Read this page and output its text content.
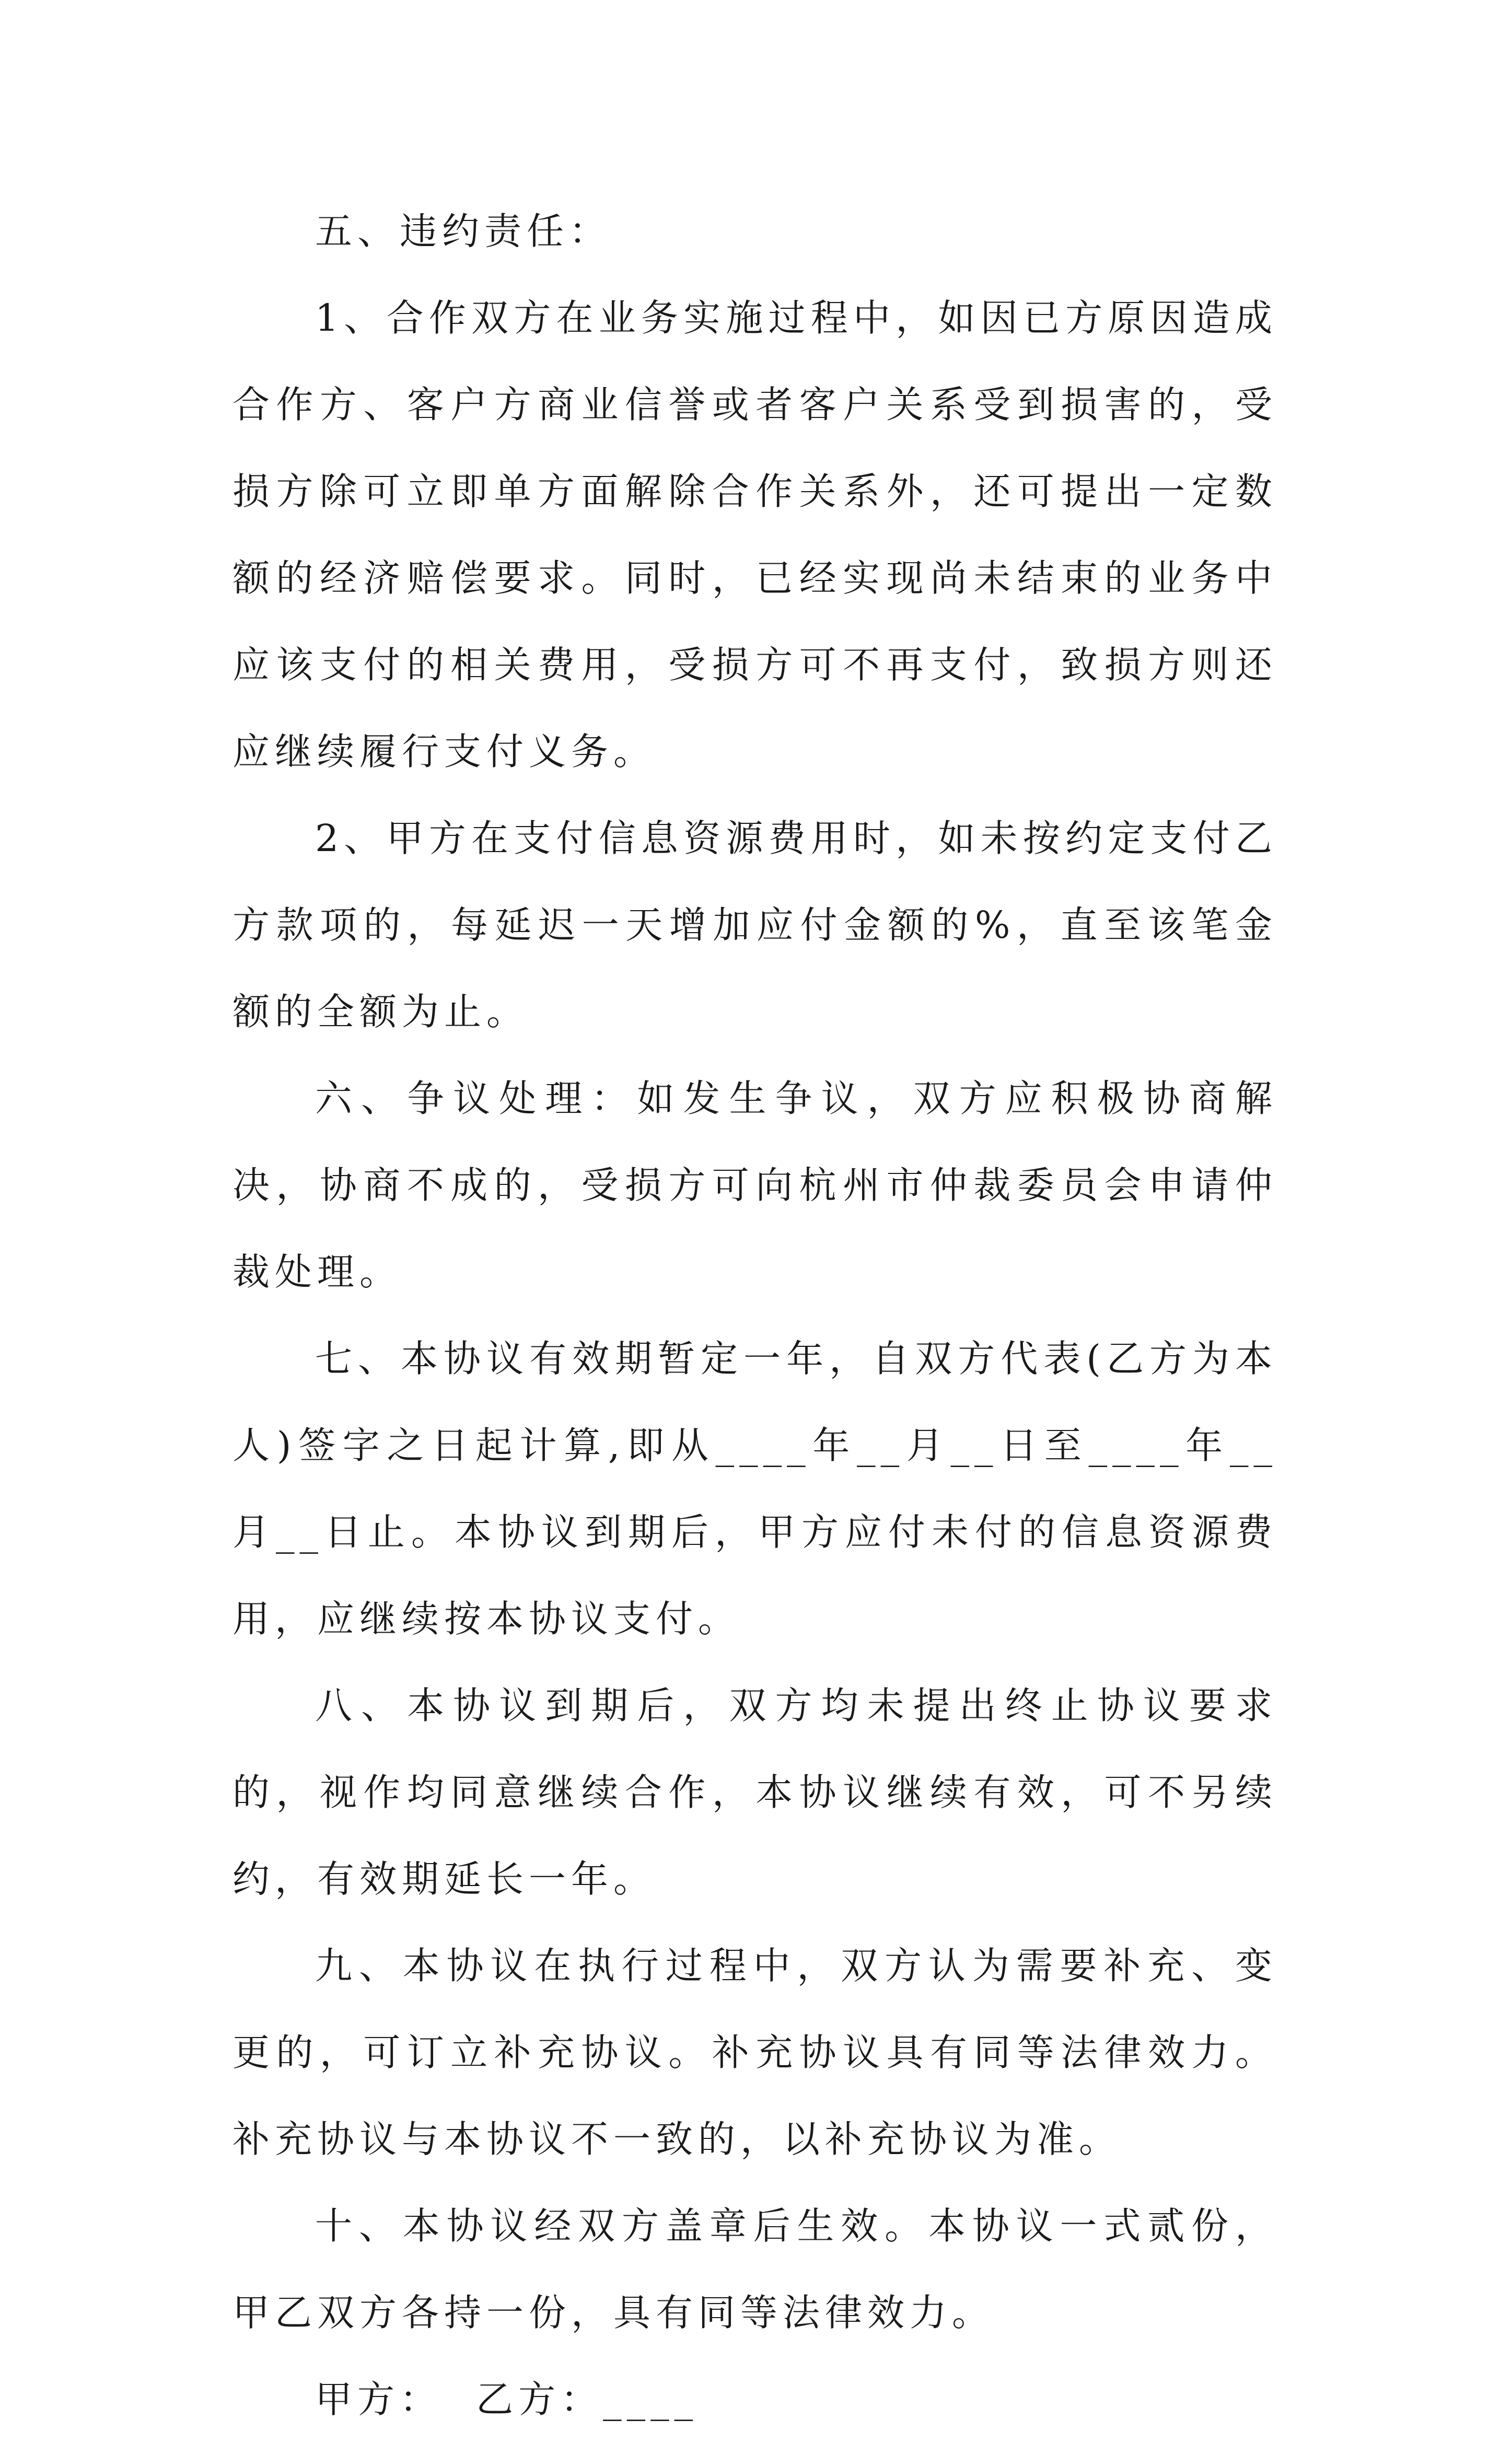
五、违约责任：

1、合作双方在业务实施过程中，如因已方原因造成合作方、客户方商业信誉或者客户关系受到损害的，受损方除可立即单方面解除合作关系外，还可提出一定数额的经济赔偿要求。同时，已经实现尚未结束的业务中应该支付的相关费用，受损方可不再支付，致损方则还应继续履行支付义务。

2、甲方在支付信息资源费用时，如未按约定支付乙方款项的，每延迟一天增加应付金额的%，直至该笔金额的全额为止。

六、争议处理：如发生争议，双方应积极协商解决，协商不成的，受损方可向杭州市仲裁委员会申请仲裁处理。

七、本协议有效期暂定一年，自双方代表(乙方为本人)签字之日起计算,即从____年__月__日至____年__月__日止。本协议到期后，甲方应付未付的信息资源费用，应继续按本协议支付。

八、本协议到期后，双方均未提出终止协议要求的，视作均同意继续合作，本协议继续有效，可不另续约，有效期延长一年。

九、本协议在执行过程中，双方认为需要补充、变更的，可订立补充协议。补充协议具有同等法律效力。补充协议与本协议不一致的，以补充协议为准。

十、本协议经双方盖章后生效。本协议一式贰份，甲乙双方各持一份，具有同等法律效力。

甲方：  乙方：____
